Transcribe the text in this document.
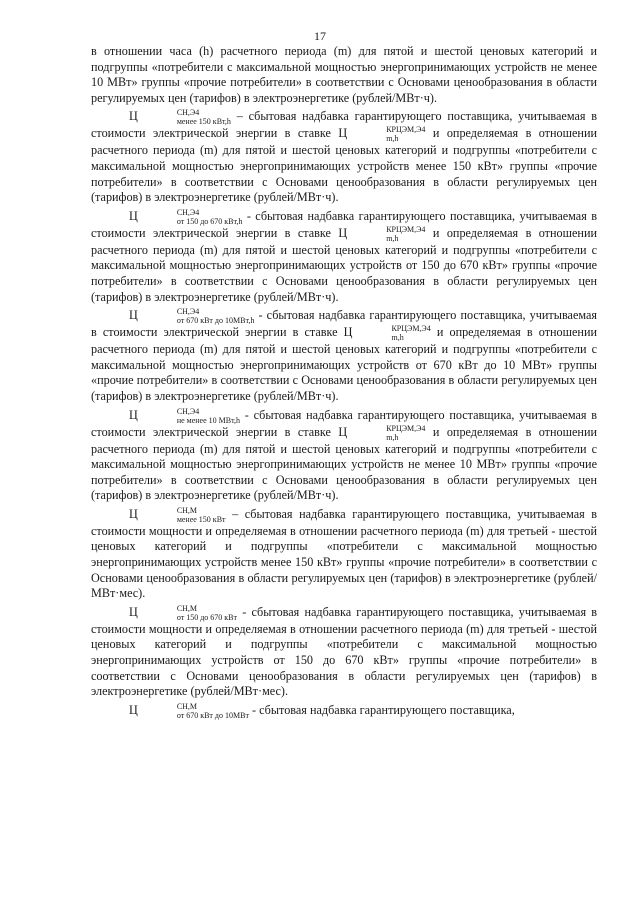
17

в отношении часа (h) расчетного периода (m) для пятой и шестой ценовых категорий и подгруппы «потребители с максимальной мощностью энергопринимающих устройств не менее 10 МВт» группы «прочие потребители» в соответствии с Основами ценообразования в области регулируемых цен (тарифов) в электроэнергетике (рублей/МВт·ч).

Ц	СН,Э4
менее 150 кВт,h – сбытовая надбавка гарантирующего поставщика, учитываемая в стоимости электрической энергии в ставке Ц	КРЦЭМ,Э4
m,h	и определяемая в отношении расчетного периода (m) для пятой и шестой ценовых категорий и подгруппы «потребители с максимальной мощностью энергопринимающих устройств менее 150 кВт» группы «прочие потребители» в соответствии с Основами ценообразования в области регулируемых цен (тарифов) в электроэнергетике (рублей/МВт·ч).

Ц	СН,Э4
от 150 до 670 кВт,h - сбытовая надбавка гарантирующего поставщика, учитываемая в стоимости электрической энергии в ставке Ц	КРЦЭМ,Э4
m,h	и определяемая в отношении расчетного периода (m) для пятой и шестой ценовых категорий и подгруппы «потребители с максимальной мощностью энергопринимающих устройств от 150 до 670 кВт» группы «прочие потребители» в соответствии с Основами ценообразования в области регулируемых цен (тарифов) в электроэнергетике (рублей/МВт·ч).

Ц	СН,Э4
от 670 кВт до 10МВт,h - сбытовая надбавка гарантирующего поставщика, учитываемая в стоимости электрической энергии в ставке Ц	КРЦЭМ,Э4
m,h	и определяемая в отношении расчетного периода (m) для пятой и шестой ценовых категорий и подгруппы «потребители с максимальной мощностью энергопринимающих устройств от 670 кВт до 10 МВт» группы «прочие потребители» в соответствии с Основами ценообразования в области регулируемых цен (тарифов) в электроэнергетике (рублей/МВт·ч).

Ц	СН,Э4
не менее 10 МВт,h - сбытовая надбавка гарантирующего поставщика, учитываемая в стоимости электрической энергии в ставке Ц	КРЦЭМ,Э4
m,h	и определяемая в отношении расчетного периода (m) для пятой и шестой ценовых категорий и подгруппы «потребители с максимальной мощностью энергопринимающих устройств не менее 10 МВт» группы «прочие потребители» в соответствии с Основами ценообразования в области регулируемых цен (тарифов) в электроэнергетике (рублей/МВт·ч).

Ц	СН,М
менее 150 кВт – сбытовая надбавка гарантирующего поставщика, учитываемая в стоимости мощности и определяемая в отношении расчетного периода (m) для третьей - шестой ценовых категорий и подгруппы «потребители с максимальной мощностью энергопринимающих устройств менее 150 кВт» группы «прочие потребители» в соответствии с Основами ценообразования в области регулируемых цен (тарифов) в электроэнергетике (рублей/МВт·мес).

Ц	СН,М
от 150 до 670 кВт - сбытовая надбавка гарантирующего поставщика, учитываемая в стоимости мощности и определяемая в отношении расчетного периода (m) для третьей - шестой ценовых категорий и подгруппы «потребители с максимальной мощностью энергопринимающих устройств от 150 до 670 кВт» группы «прочие потребители» в соответствии с Основами ценообразования в области регулируемых цен (тарифов) в электроэнергетике (рублей/МВт·мес).

Ц	СН,М
от 670 кВт до 10МВт - сбытовая надбавка гарантирующего поставщика,
